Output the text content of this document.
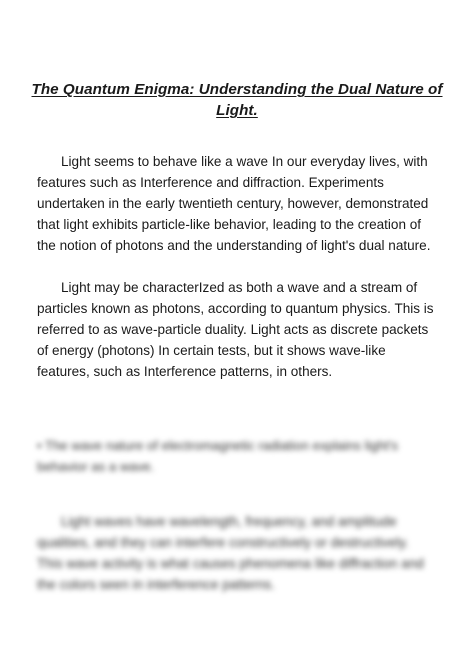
The Quantum Enigma: Understanding the Dual Nature of Light.

Light seems to behave like a wave In our everyday lives, with features such as Interference and diffraction. Experiments undertaken in the early twentieth century, however, demonstrated that light exhibits particle-like behavior, leading to the creation of the notion of photons and the understanding of light's dual nature.

Light may be characterIzed as both a wave and a stream of particles known as photons, according to quantum physics. This is referred to as wave-particle duality. Light acts as discrete packets of energy (photons) In certain tests, but it shows wave-like features, such as Interference patterns, in others.

• The wave nature of electromagnetic radiation explains light's behavior as a wave.

Light waves have wavelength, frequency, and amplitude qualities, and they can interfere constructively or destructively. This wave activity is what causes phenomena like diffraction and the colors seen in interference patterns.
